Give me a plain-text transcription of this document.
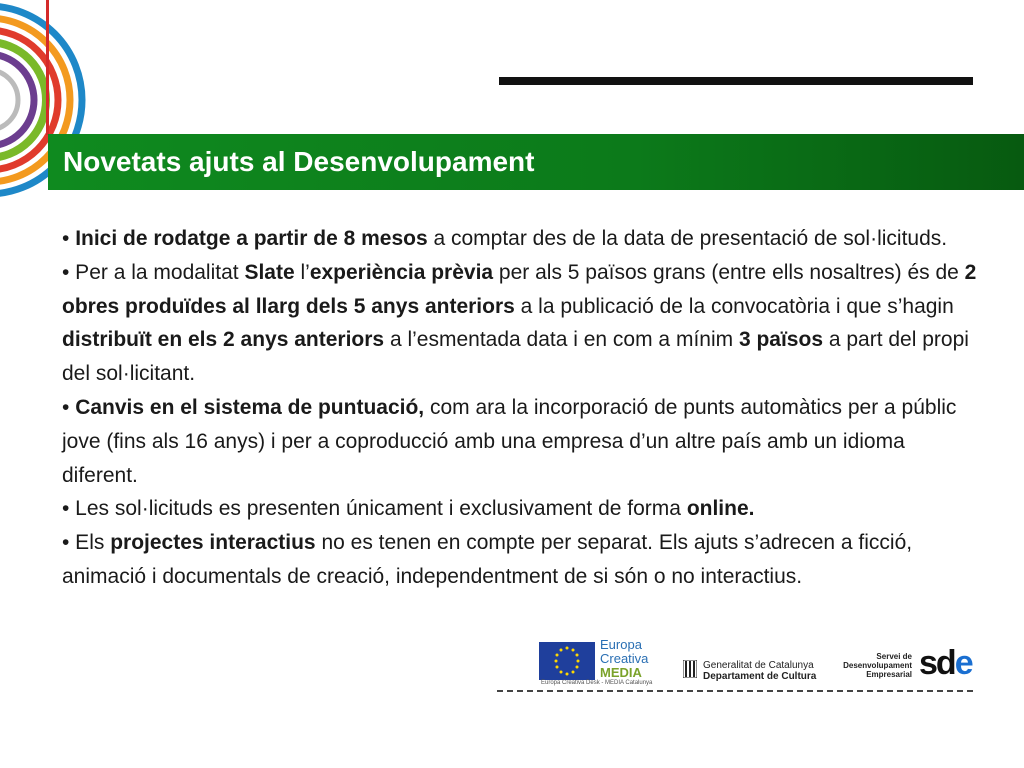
Novetats ajuts al Desenvolupament

• Inici de rodatge a partir de 8 mesos a comptar des de la data de presentació de sol·licituds.

• Per a la modalitat Slate l’experiència prèvia per als 5 països grans (entre ells nosaltres) és de 2 obres produïdes al llarg dels 5 anys anteriors a la publicació de la convocatòria i que s’hagin distribuït en els 2 anys anteriors a l’esmentada data i en com a mínim 3 països a part del propi del sol·licitant.

• Canvis en el sistema de puntuació, com ara la incorporació de punts automàtics per a públic jove (fins als 16 anys) i per a coproducció amb una empresa d’un altre país amb un idioma diferent.

• Les sol·licituds es presenten únicament i exclusivament de forma online.

• Els projectes interactius no es tenen en compte per separat. Els ajuts s’adrecen a ficció, animació i documentals de creació, independentment de si són o no interactius.

Europa
Creativa
MEDIA
Europa Creativa Desk - MEDIA Catalunya
Generalitat de Catalunya
Departament de Cultura
Servei de
Desenvolupament
Empresarial sde
